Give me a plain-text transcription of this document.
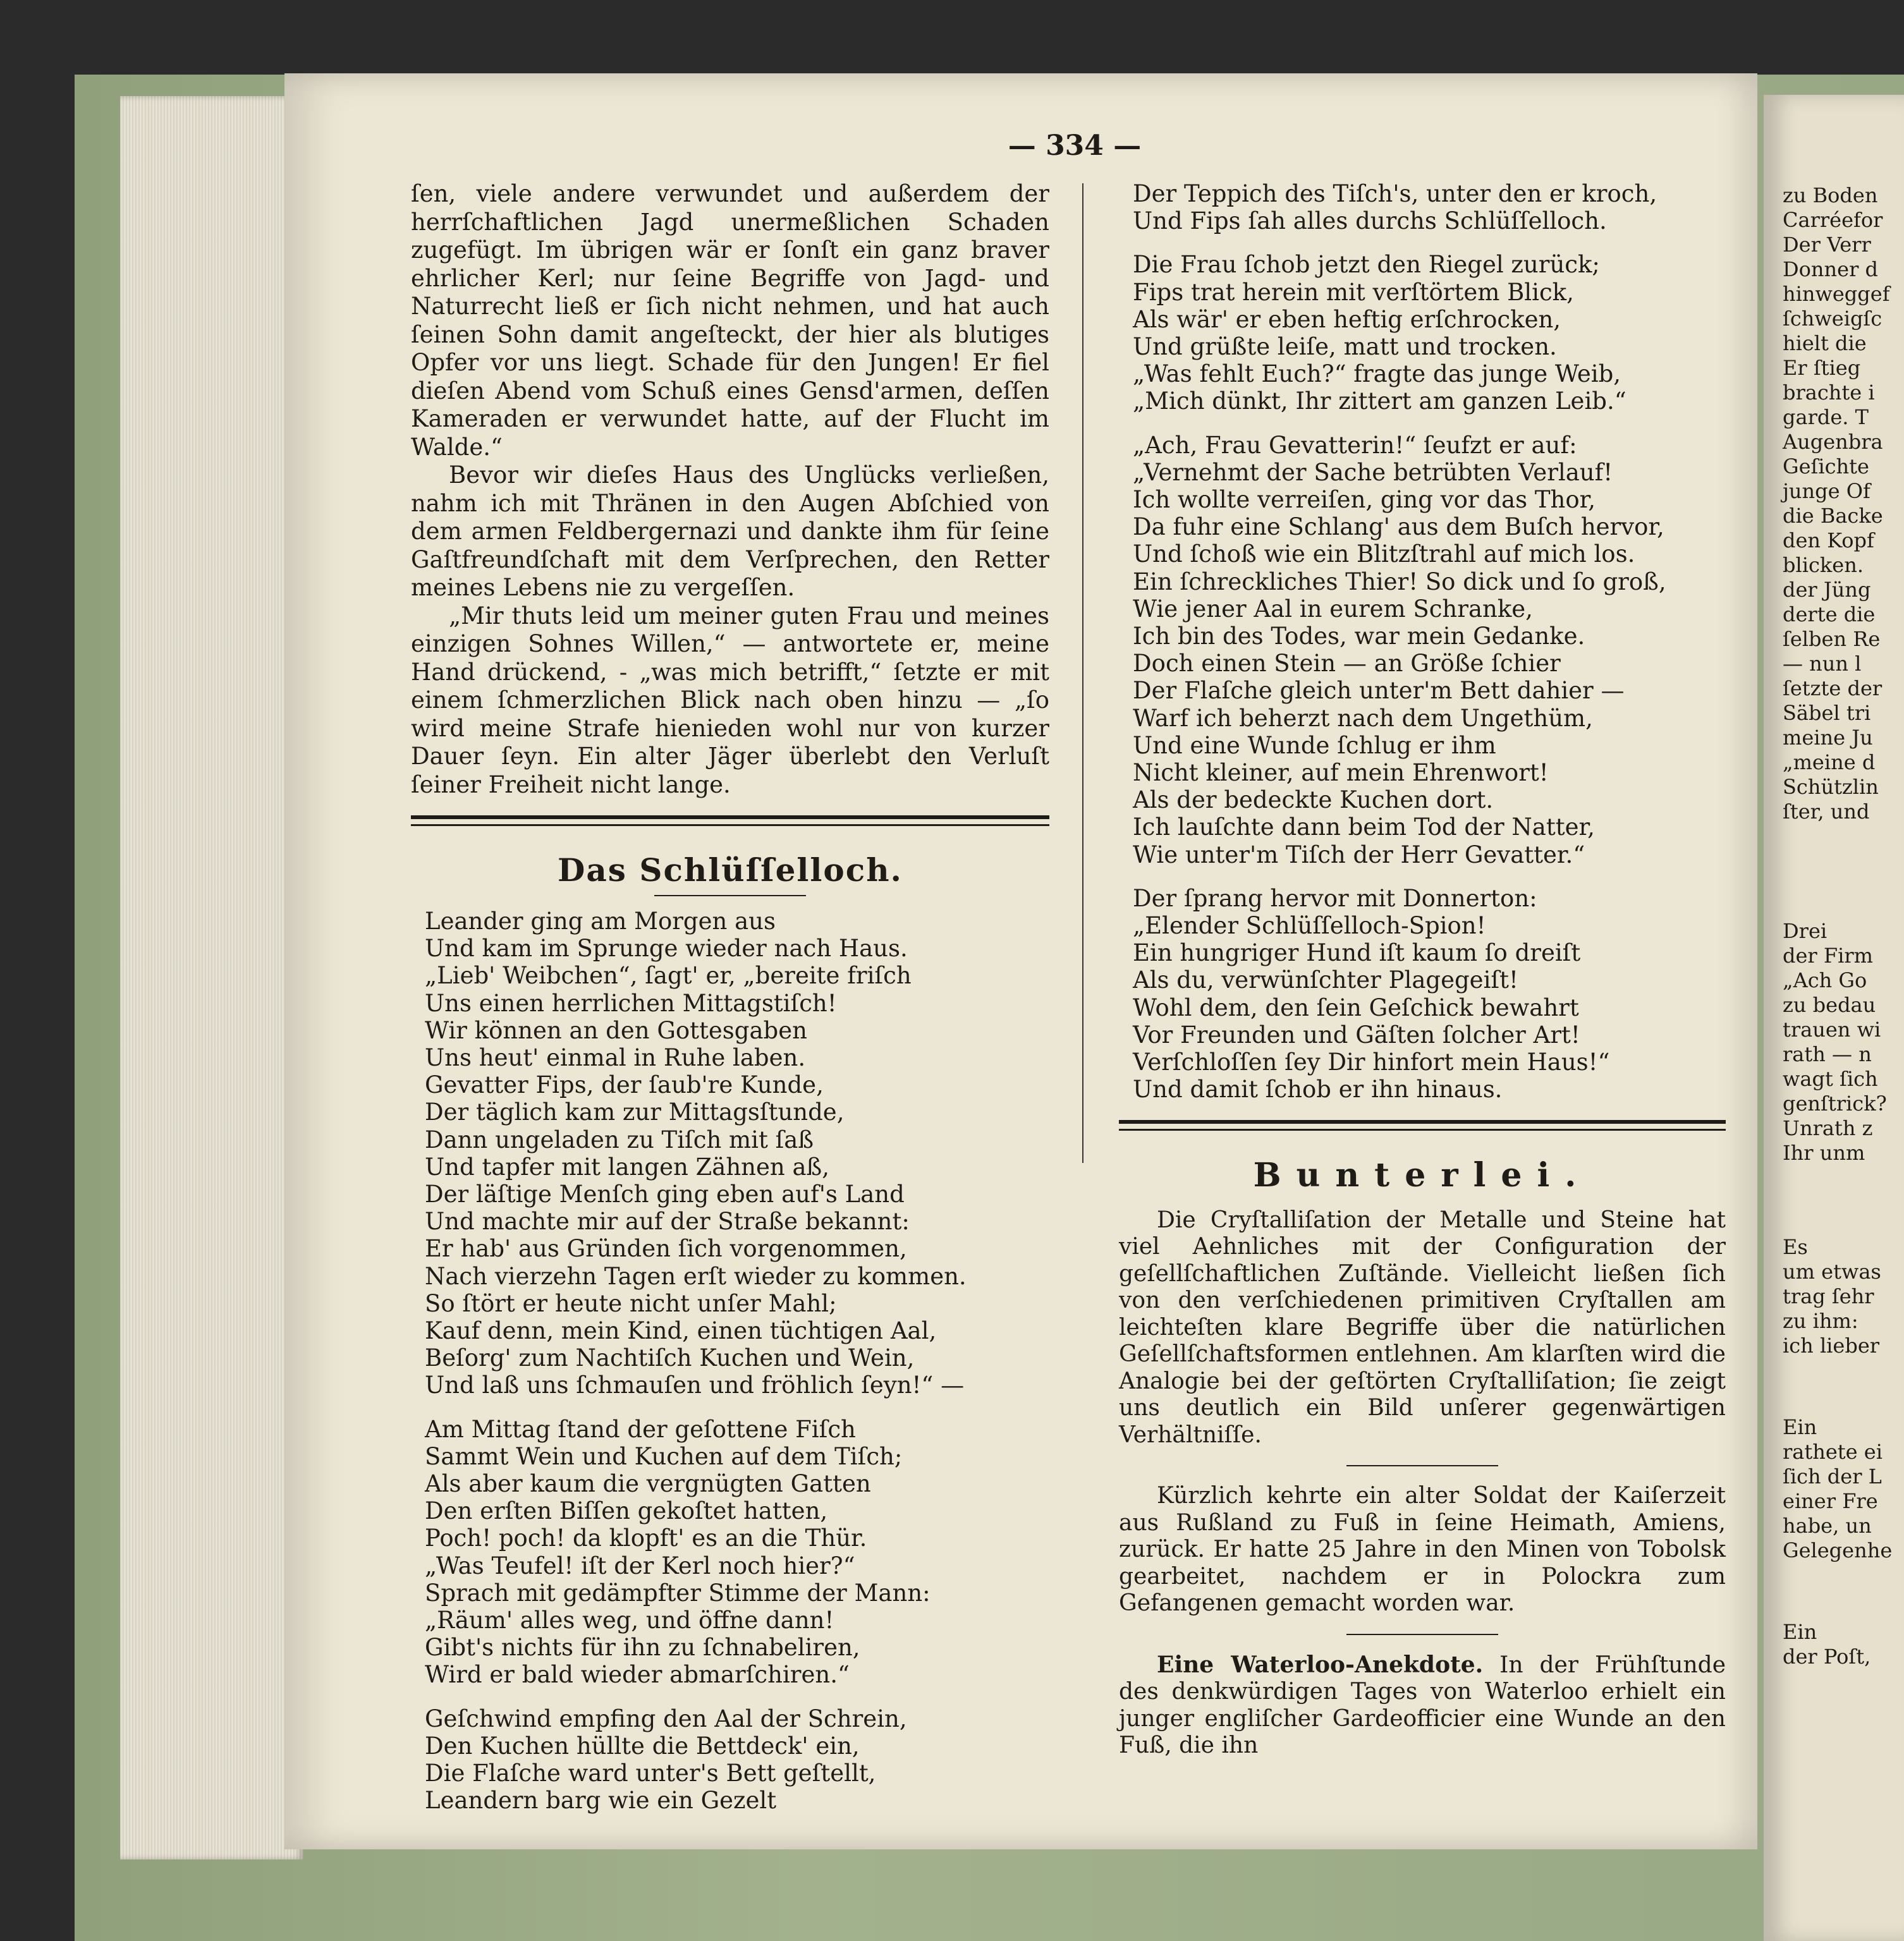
— 334 —

ſen, viele andere verwundet und außerdem der herrſchaftlichen Jagd unermeßlichen Schaden zugefügt. Im übrigen wär er ſonſt ein ganz braver ehrlicher Kerl; nur ſeine Begriffe von Jagd- und Naturrecht ließ er ſich nicht nehmen, und hat auch ſeinen Sohn damit angeſteckt, der hier als blutiges Opfer vor uns liegt. Schade für den Jungen! Er fiel dieſen Abend vom Schuß eines Gensd'armen, deſſen Kameraden er verwundet hatte, auf der Flucht im Walde.“

Bevor wir dieſes Haus des Unglücks verließen, nahm ich mit Thränen in den Augen Abſchied von dem armen Feldbergernazi und dankte ihm für ſeine Gaſtfreundſchaft mit dem Verſprechen, den Retter meines Lebens nie zu vergeſſen.

„Mir thuts leid um meiner guten Frau und meines einzigen Sohnes Willen,“ — antwortete er, meine Hand drückend, - „was mich betrifft,“ ſetzte er mit einem ſchmerzlichen Blick nach oben hinzu — „ſo wird meine Strafe hienieden wohl nur von kurzer Dauer ſeyn. Ein alter Jäger überlebt den Verluſt ſeiner Freiheit nicht lange.

Das Schlüſſelloch.
Leander ging am Morgen aus
Und kam im Sprunge wieder nach Haus.
„Lieb' Weibchen“, ſagt' er, „bereite friſch
Uns einen herrlichen Mittagstiſch!
Wir können an den Gottesgaben
Uns heut' einmal in Ruhe laben.
Gevatter Fips, der ſaub're Kunde,
Der täglich kam zur Mittagsſtunde,
Dann ungeladen zu Tiſch mit ſaß
Und tapfer mit langen Zähnen aß,
Der läſtige Menſch ging eben auf's Land
Und machte mir auf der Straße bekannt:
Er hab' aus Gründen ſich vorgenommen,
Nach vierzehn Tagen erſt wieder zu kommen.
So ſtört er heute nicht unſer Mahl;
Kauf denn, mein Kind, einen tüchtigen Aal,
Beſorg' zum Nachtiſch Kuchen und Wein,
Und laß uns ſchmauſen und fröhlich ſeyn!“ —
Am Mittag ſtand der geſottene Fiſch
Sammt Wein und Kuchen auf dem Tiſch;
Als aber kaum die vergnügten Gatten
Den erſten Biſſen gekoſtet hatten,
Poch! poch! da klopft' es an die Thür.
„Was Teufel! iſt der Kerl noch hier?“
Sprach mit gedämpfter Stimme der Mann:
„Räum' alles weg, und öffne dann!
Gibt's nichts für ihn zu ſchnabeliren,
Wird er bald wieder abmarſchiren.“
Geſchwind empfing den Aal der Schrein,
Den Kuchen hüllte die Bettdeck' ein,
Die Flaſche ward unter's Bett geſtellt,
Leandern barg wie ein Gezelt
Der Teppich des Tiſch's, unter den er kroch,
Und Fips ſah alles durchs Schlüſſelloch.
Die Frau ſchob jetzt den Riegel zurück;
Fips trat herein mit verſtörtem Blick,
Als wär' er eben heftig erſchrocken,
Und grüßte leiſe, matt und trocken.
„Was fehlt Euch?“ fragte das junge Weib,
„Mich dünkt, Ihr zittert am ganzen Leib.“
„Ach, Frau Gevatterin!“ ſeufzt er auf:
„Vernehmt der Sache betrübten Verlauf!
Ich wollte verreiſen, ging vor das Thor,
Da fuhr eine Schlang' aus dem Buſch hervor,
Und ſchoß wie ein Blitzſtrahl auf mich los.
Ein ſchreckliches Thier! So dick und ſo groß,
Wie jener Aal in eurem Schranke,
Ich bin des Todes, war mein Gedanke.
Doch einen Stein — an Größe ſchier
Der Flaſche gleich unter'm Bett dahier —
Warf ich beherzt nach dem Ungethüm,
Und eine Wunde ſchlug er ihm
Nicht kleiner, auf mein Ehrenwort!
Als der bedeckte Kuchen dort.
Ich lauſchte dann beim Tod der Natter,
Wie unter'm Tiſch der Herr Gevatter.“
Der ſprang hervor mit Donnerton:
„Elender Schlüſſelloch-Spion!
Ein hungriger Hund iſt kaum ſo dreiſt
Als du, verwünſchter Plagegeiſt!
Wohl dem, den ſein Geſchick bewahrt
Vor Freunden und Gäſten ſolcher Art!
Verſchloſſen ſey Dir hinfort mein Haus!“
Und damit ſchob er ihn hinaus.
Bunterlei.

Die Cryſtalliſation der Metalle und Steine hat viel Aehnliches mit der Configuration der geſellſchaftlichen Zuſtände. Vielleicht ließen ſich von den verſchiedenen primitiven Cryſtallen am leichteſten klare Begriffe über die natürlichen Geſellſchaftsformen entlehnen. Am klarſten wird die Analogie bei der geſtörten Cryſtalliſation; ſie zeigt uns deutlich ein Bild unſerer gegenwärtigen Verhältniſſe.

Kürzlich kehrte ein alter Soldat der Kaiſerzeit aus Rußland zu Fuß in ſeine Heimath, Amiens, zurück. Er hatte 25 Jahre in den Minen von Tobolsk gearbeitet, nachdem er in Polockra zum Gefangenen gemacht worden war.

Eine Waterloo-Anekdote. In der Frühſtunde des denkwürdigen Tages von Waterloo erhielt ein junger engliſcher Gardeofficier eine Wunde an den Fuß, die ihn

zu Boden
Carréefor
Der Verr
Donner d
hinweggef
ſchweigſc
hielt die
Er ſtieg
brachte i
garde. T
Augenbra
Geſichte
junge Of
die Backe
den Kopf
blicken.
der Jüng
derte die
ſelben Re
— nun l
ſetzte der
Säbel tri
meine Ju
„meine d
Schützlin
ſter, und
Drei
der Firm
„Ach Go
zu bedau
trauen wi
rath — n
wagt ſich
genſtrick?
Unrath z
Ihr unm
Es
um etwas
trag ſehr
zu ihm:
ich lieber
Ein
rathete ei
ſich der L
einer Fre
habe, un
Gelegenhe
Ein
der Poſt,
